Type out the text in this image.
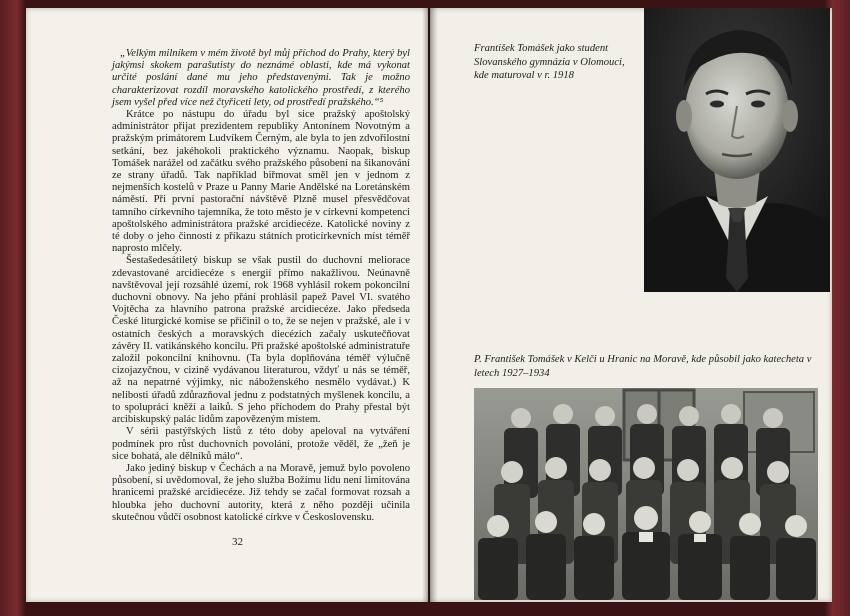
„Velkým milníkem v mém životě byl můj příchod do Prahy, který byl jakýmsi skokem parašutisty do neznámé oblasti, kde má vykonat určité poslání dané mu jeho představenými. Tak je možno charakterizovat rozdíl moravského katolického prostředí, z kterého jsem vyšel před více než čtyřiceti lety, od prostředí pražského.“⁵

Krátce po nástupu do úřadu byl sice pražský apoštolský administrátor přijat prezidentem republiky Antonínem Novotným a pražským primátorem Ludvíkem Černým, ale byla to jen zdvořilostní setkání, bez jakéhokoli praktického významu. Naopak, biskup Tomášek narážel od začátku svého pražského působení na šikanování ze strany úřadů. Tak například biřmovat směl jen v jednom z nejmenších kostelů v Praze u Panny Marie Andělské na Loretánském náměstí. Při první pastorační návštěvě Plzně musel přesvědčovat tamního církevního tajemníka, že toto město je v církevní kompetenci apoštolského administrátora pražské arcidiecéze. Katolické noviny z té doby o jeho činnosti z příkazu státních proticírkevních míst téměř naprosto mlčely.

Šestašedesátiletý biskup se však pustil do duchovní meliorace zdevastované arcidiecéze s energií přímo nakažlivou. Neúnavně navštěvoval její rozsáhlé území, rok 1968 vyhlásil rokem pokoncilní duchovní obnovy. Na jeho přání prohlásil papež Pavel VI. svatého Vojtěcha za hlavního patrona pražské arcidiecéze. Jako předseda České liturgické komise se přičinil o to, že se nejen v pražské, ale i v ostatních českých a moravských diecézích začaly uskutečňovat závěry II. vatikánského koncilu. Při pražské apoštolské administratuře založil pokoncilní knihovnu. (Ta byla doplňována téměř výlučně cizojazyčnou, v cizině vydávanou literaturou, vždyť u nás se téměř, až na nepatrné výjimky, nic náboženského nesmělo vydávat.) K nelibosti úřadů zdůrazňoval jednu z podstatných myšlenek koncilu, a to spolupráci kněží a laiků. S jeho příchodem do Prahy přestal být arcibiskupský palác lidům zapovězeným místem.

V sérii pastýřských listů z této doby apeloval na vytváření podmínek pro růst duchovních povolání, protože věděl, že „žeň je sice bohatá, ale dělníků málo“.

Jako jediný biskup v Čechách a na Moravě, jemuž bylo povoleno působení, si uvědomoval, že jeho služba Božímu lidu není limitována hranicemi pražské arcidiecéze. Již tehdy se začal formovat rozsah a hloubka jeho duchovní autority, která z něho později učinila skutečnou vůdčí osobnost katolické církve v Československu.

32
František Tomášek jako student Slovanského gymnázia v Olomouci, kde maturoval v r. 1918
P. František Tomášek v Kelči u Hranic na Moravě, kde působil jako katecheta v letech 1927–1934
